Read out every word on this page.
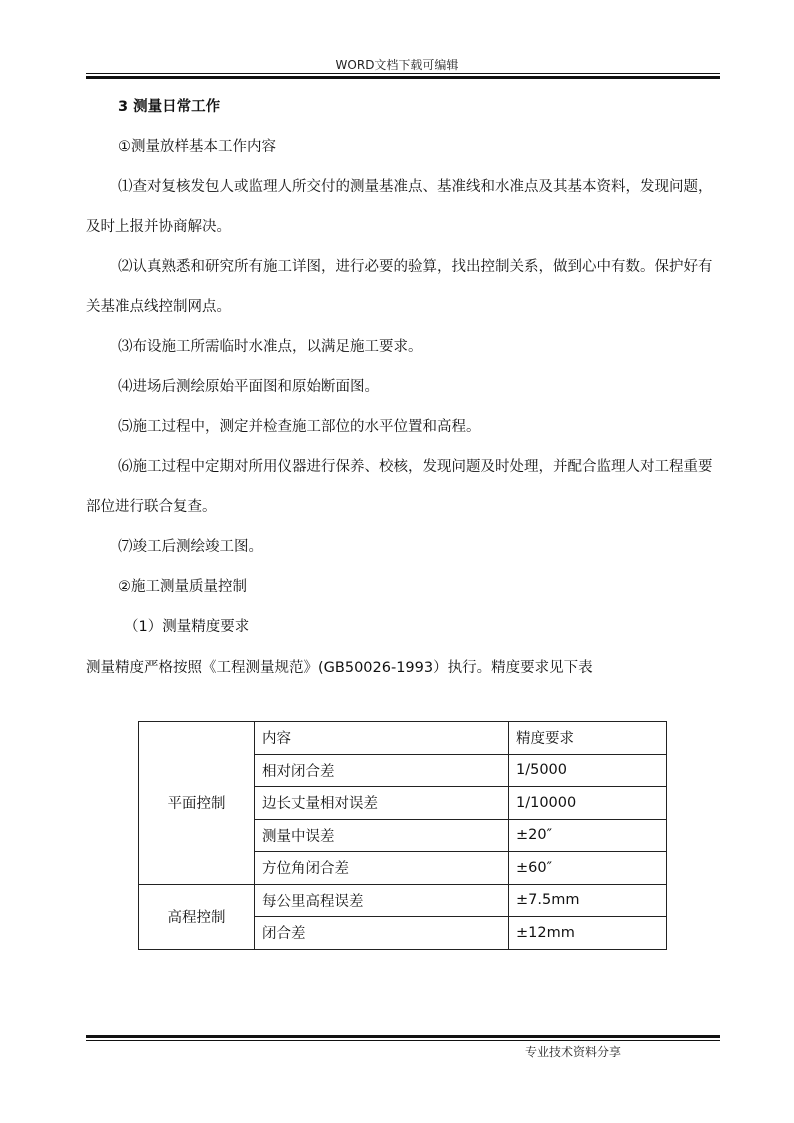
WORD文档下载可编辑
3 测量日常工作
①测量放样基本工作内容
⑴查对复核发包人或监理人所交付的测量基准点、基准线和水准点及其基本资料，发现问题，
及时上报并协商解决。
⑵认真熟悉和研究所有施工详图，进行必要的验算，找出控制关系，做到心中有数。保护好有
关基准点线控制网点。
⑶布设施工所需临时水准点，以满足施工要求。
⑷进场后测绘原始平面图和原始断面图。
⑸施工过程中，测定并检查施工部位的水平位置和高程。
⑹施工过程中定期对所用仪器进行保养、校核，发现问题及时处理，并配合监理人对工程重要
部位进行联合复查。
⑺竣工后测绘竣工图。
②施工测量质量控制
（1）测量精度要求
测量精度严格按照《工程测量规范》(GB50026-1993）执行。精度要求见下表
平面控制	内容	精度要求
	相对闭合差	1/5000
	边长丈量相对误差	1/10000
	测量中误差	±20″
	方位角闭合差	±60″
高程控制	每公里高程误差	±7.5mm
	闭合差	±12mm
专业技术资料分享
